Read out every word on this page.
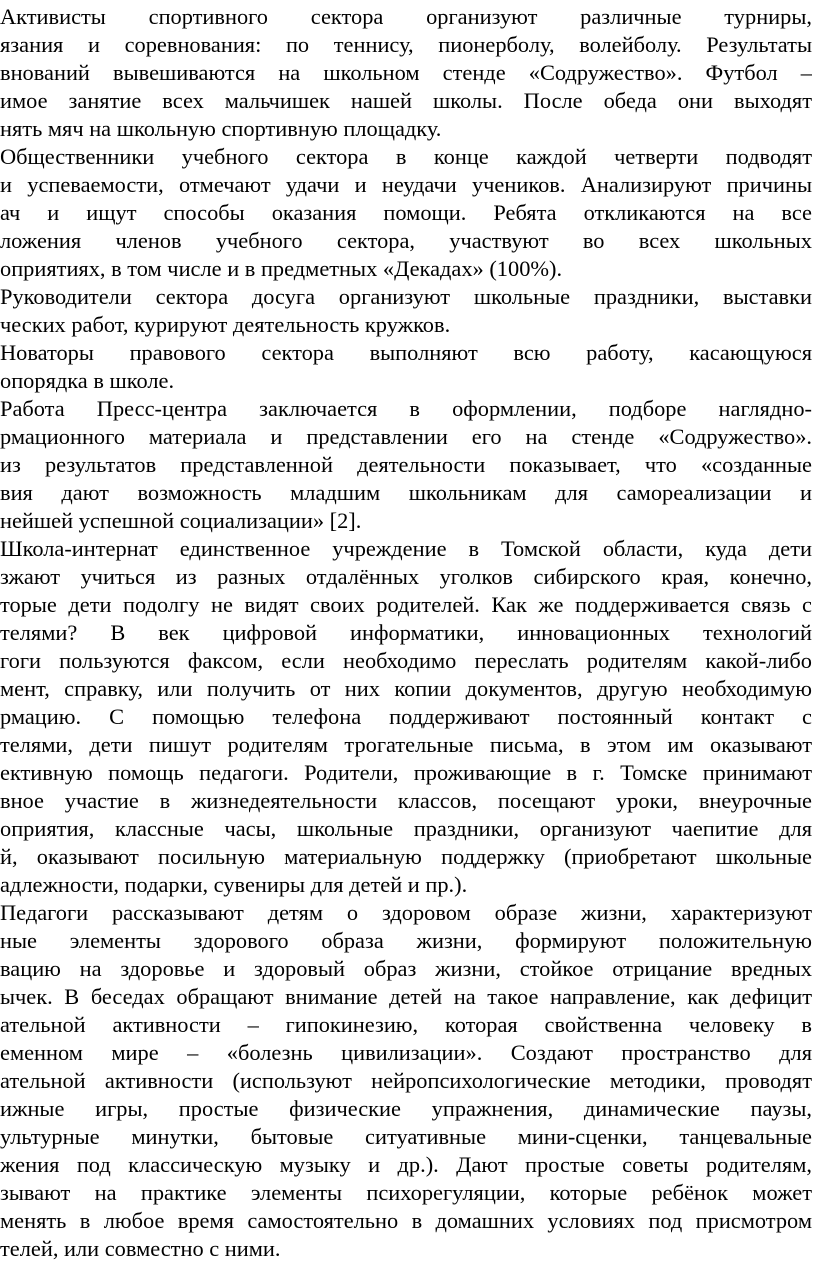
Активисты спортивного сектора организуют различные турниры,
язания и соревнования: по теннису, пионерболу, волейболу. Результаты
внований вывешиваются на школьном стенде «Содружество». Футбол –
имое занятие всех мальчишек нашей школы. После обеда они выходят
нять мяч на школьную спортивную площадку.
Общественники учебного сектора в конце каждой четверти подводят
и успеваемости, отмечают удачи и неудачи учеников. Анализируют причины
ач и ищут способы оказания помощи. Ребята откликаются на все
ложения членов учебного сектора, участвуют во всех школьных
оприятиях, в том числе и в предметных «Декадах» (100%).
Руководители сектора досуга организуют школьные праздники, выставки
ческих работ, курируют деятельность кружков.
Новаторы правового сектора выполняют всю работу, касающуюся
опорядка в школе.
Работа Пресс-центра заключается в оформлении, подборе наглядно-
рмационного материала и представлении его на стенде «Содружество».
из результатов представленной деятельности показывает, что «созданные
вия дают возможность младшим школьникам для самореализации и
нейшей успешной социализации» [2].
Школа-интернат единственное учреждение в Томской области, куда дети
зжают учиться из разных отдалённых уголков сибирского края, конечно,
торые дети подолгу не видят своих родителей. Как же поддерживается связь с
телями? В век цифровой информатики, инновационных технологий
гоги пользуются факсом, если необходимо переслать родителям какой-либо
мент, справку, или получить от них копии документов, другую необходимую
рмацию. С помощью телефона поддерживают постоянный контакт с
телями, дети пишут родителям трогательные письма, в этом им оказывают
ективную помощь педагоги. Родители, проживающие в г. Томске принимают
вное участие в жизнедеятельности классов, посещают уроки, внеурочные
оприятия, классные часы, школьные праздники, организуют чаепитие для
й, оказывают посильную материальную поддержку (приобретают школьные
адлежности, подарки, сувениры для детей и пр.).
Педагоги рассказывают детям о здоровом образе жизни, характеризуют
ные элементы здорового образа жизни, формируют положительную
вацию на здоровье и здоровый образ жизни, стойкое отрицание вредных
ычек. В беседах обращают внимание детей на такое направление, как дефицит
ательной активности – гипокинезию, которая свойственна человеку в
еменном мире – «болезнь цивилизации». Создают пространство для
ательной активности (используют нейропсихологические методики, проводят
ижные игры, простые физические упражнения, динамические паузы,
ультурные минутки, бытовые ситуативные мини-сценки, танцевальные
жения под классическую музыку и др.). Дают простые советы родителям,
зывают на практике элементы психорегуляции, которые ребёнок может
менять в любое время самостоятельно в домашних условиях под присмотром
телей, или совместно с ними.
